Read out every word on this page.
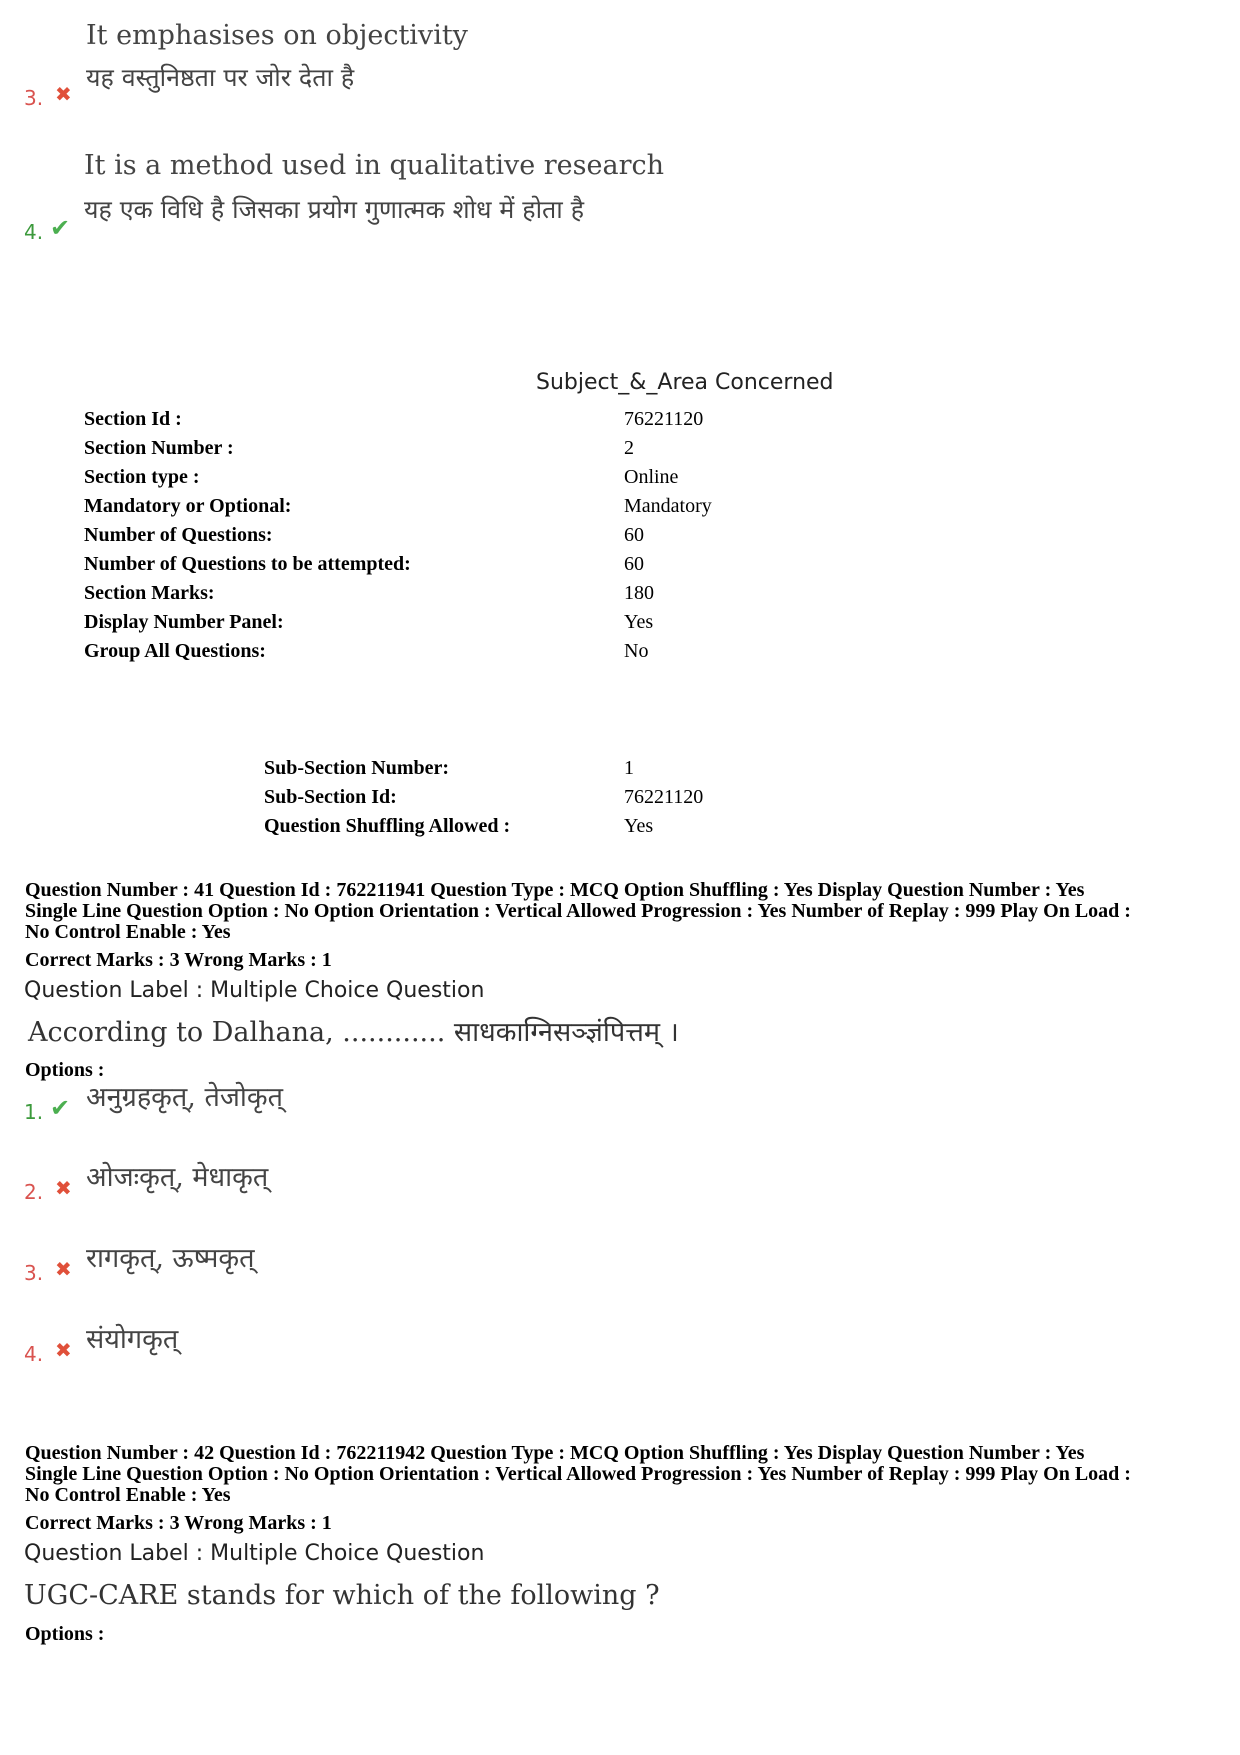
It emphasises on objectivity
यह वस्तुनिष्ठता पर जोर देता है
3. ✖
It is a method used in qualitative research
यह एक विधि है जिसका प्रयोग गुणात्मक शोध में होता है
4. ✔
Subject_&_Area Concerned
Section Id :	76221120
Section Number :	2
Section type :	Online
Mandatory or Optional:	Mandatory
Number of Questions:	60
Number of Questions to be attempted:	60
Section Marks:	180
Display Number Panel:	Yes
Group All Questions:	No
Sub-Section Number:	1
Sub-Section Id:	76221120
Question Shuffling Allowed :	Yes
Question Number : 41 Question Id : 762211941 Question Type : MCQ Option Shuffling : Yes Display Question Number : Yes
Single Line Question Option : No Option Orientation : Vertical Allowed Progression : Yes Number of Replay : 999 Play On Load :
No Control Enable : Yes
Correct Marks : 3 Wrong Marks : 1
Question Label : Multiple Choice Question
According to Dalhana, ............ साधकाग्निसञ्ज्ञंपित्तम् ।
Options :
1. ✔ अनुग्रहकृत्, तेजोकृत्
2. ✖ ओजःकृत्, मेधाकृत्
3. ✖ रागकृत्, ऊष्मकृत्
4. ✖ संयोगकृत्
Question Number : 42 Question Id : 762211942 Question Type : MCQ Option Shuffling : Yes Display Question Number : Yes
Single Line Question Option : No Option Orientation : Vertical Allowed Progression : Yes Number of Replay : 999 Play On Load :
No Control Enable : Yes
Correct Marks : 3 Wrong Marks : 1
Question Label : Multiple Choice Question
UGC-CARE stands for which of the following ?
Options :
